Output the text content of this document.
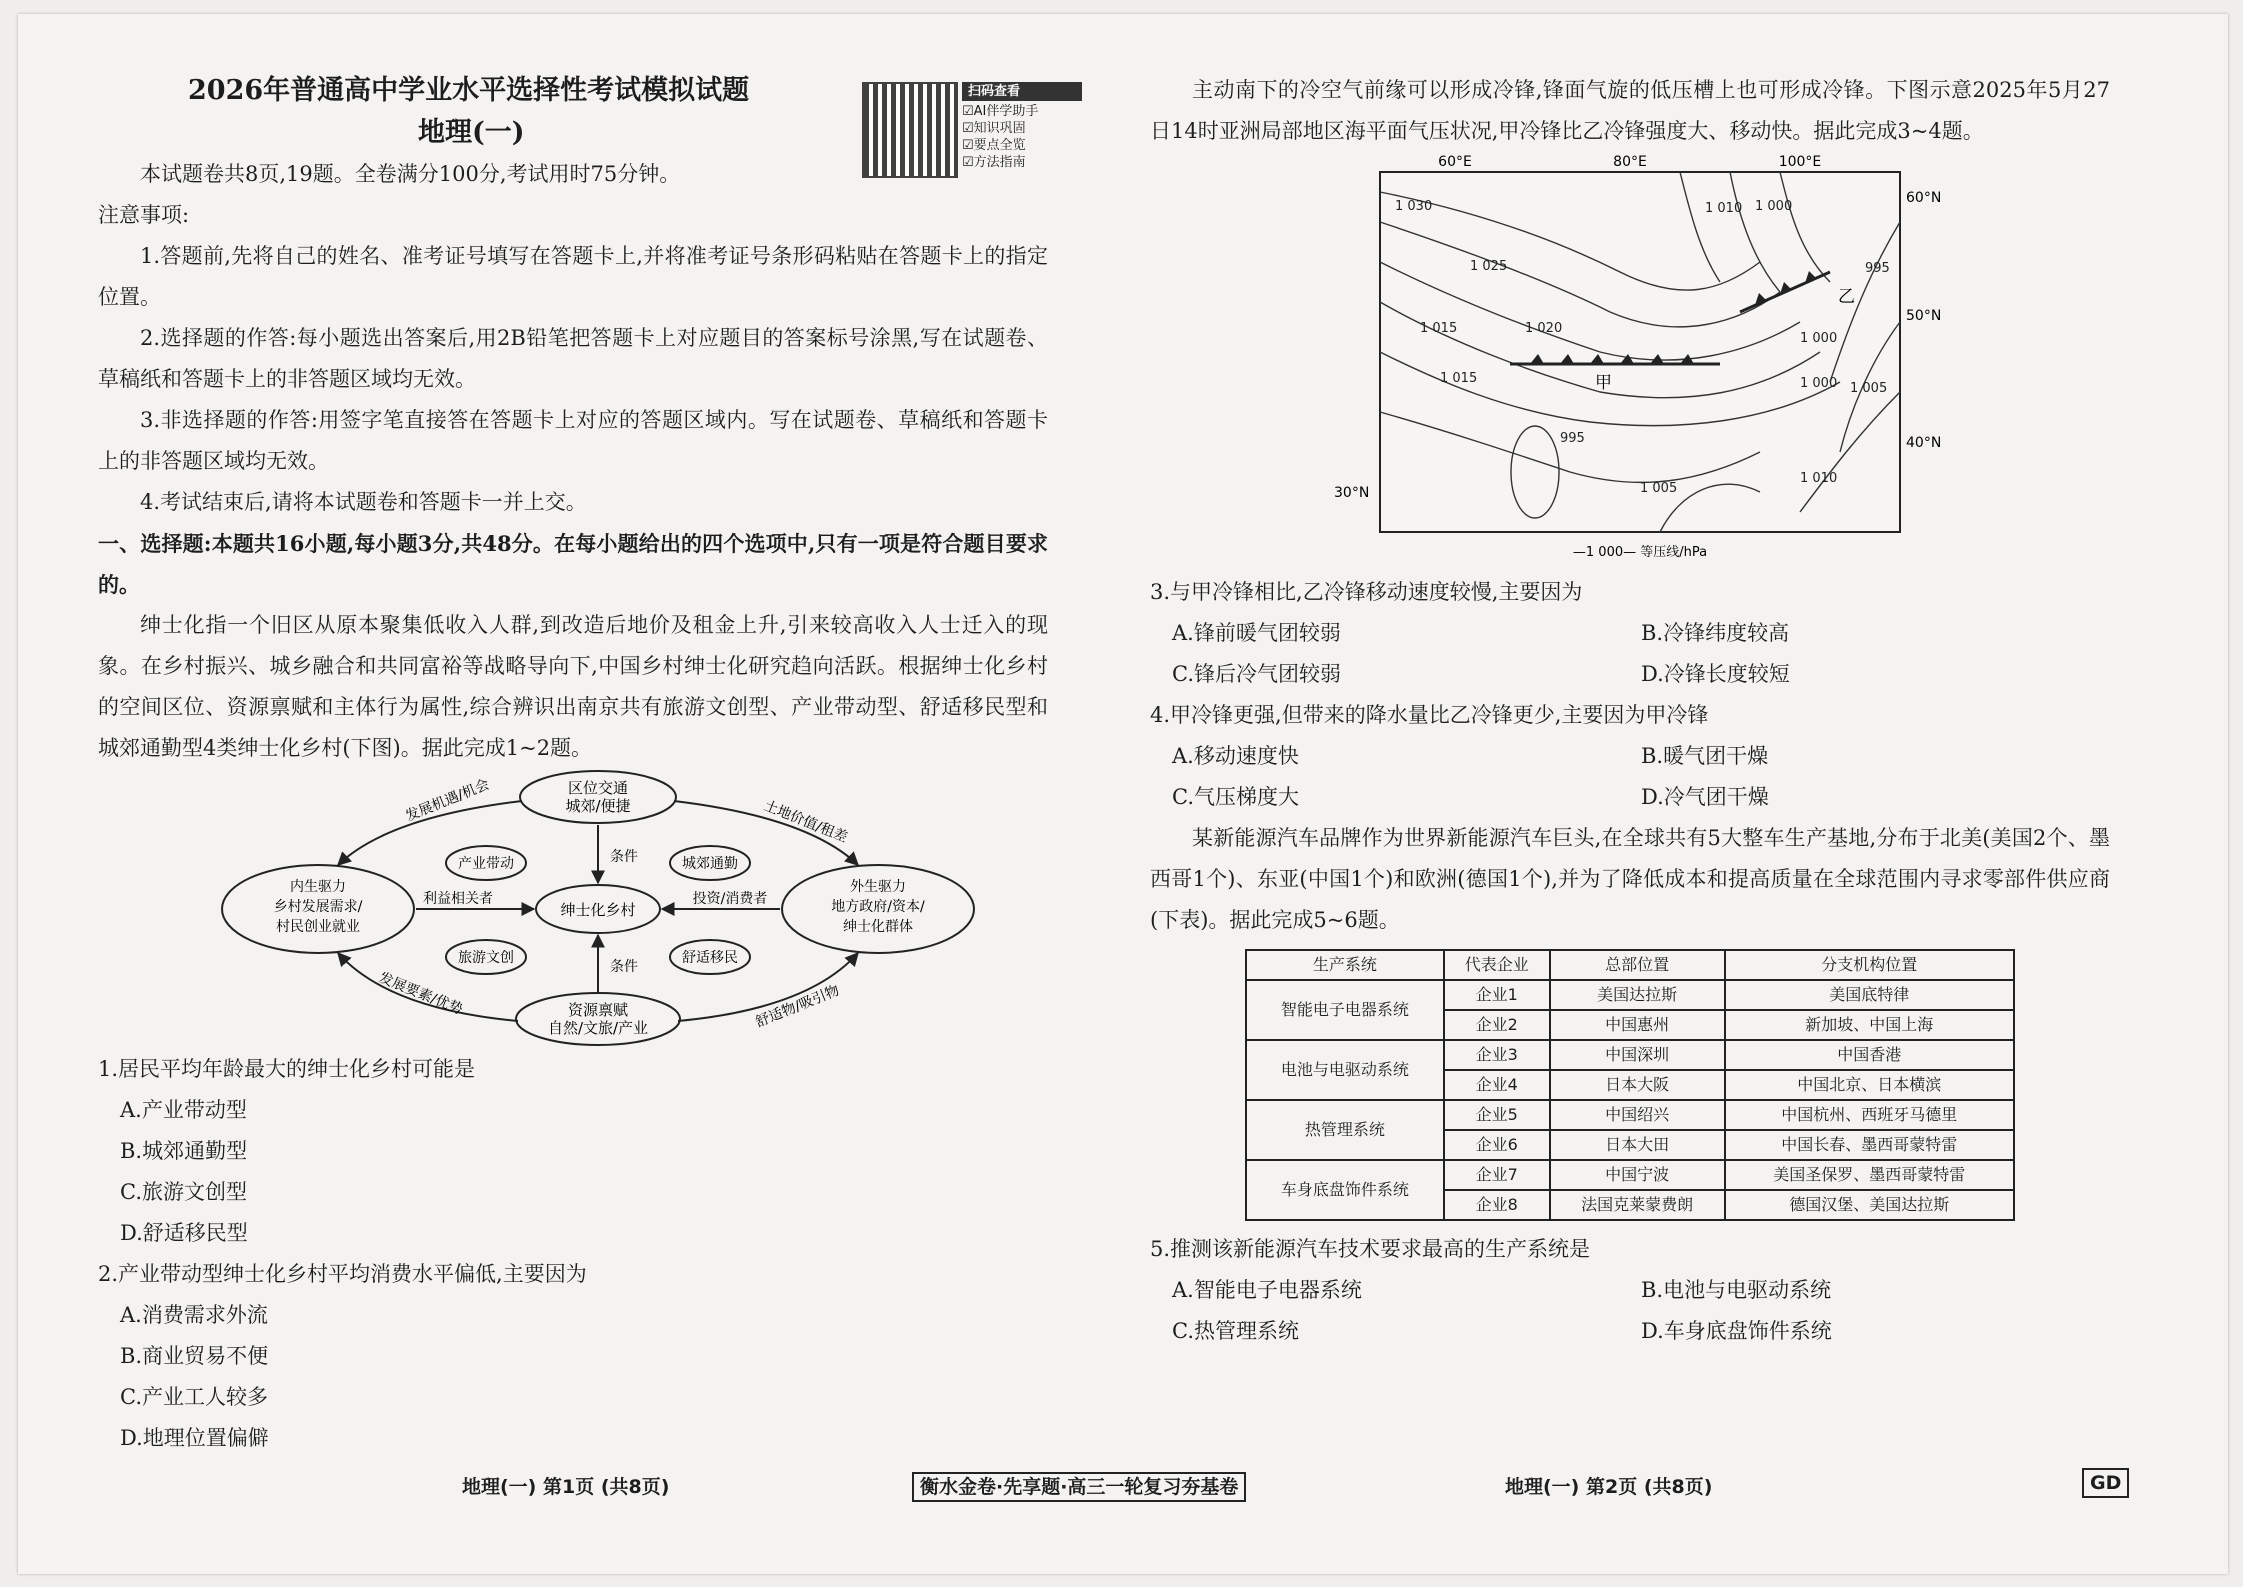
扫码查看
☑AI伴学助手
☑知识巩固
☑要点全览
☑方法指南
2026年普通高中学业水平选择性考试模拟试题
地理(一)

本试题卷共8页,19题。全卷满分100分,考试用时75分钟。

注意事项:

1.答题前,先将自己的姓名、准考证号填写在答题卡上,并将准考证号条形码粘贴在答题卡上的指定位置。

2.选择题的作答:每小题选出答案后,用2B铅笔把答题卡上对应题目的答案标号涂黑,写在试题卷、草稿纸和答题卡上的非答题区域均无效。

3.非选择题的作答:用签字笔直接答在答题卡上对应的答题区域内。写在试题卷、草稿纸和答题卡上的非答题区域均无效。

4.考试结束后,请将本试题卷和答题卡一并上交。

一、选择题:本题共16小题,每小题3分,共48分。在每小题给出的四个选项中,只有一项是符合题目要求的。

绅士化指一个旧区从原本聚集低收入人群,到改造后地价及租金上升,引来较高收入人士迁入的现象。在乡村振兴、城乡融合和共同富裕等战略导向下,中国乡村绅士化研究趋向活跃。根据绅士化乡村的空间区位、资源禀赋和主体行为属性,综合辨识出南京共有旅游文创型、产业带动型、舒适移民型和城郊通勤型4类绅士化乡村(下图)。据此完成1~2题。

区位交通
城郊/便捷
资源禀赋
自然/文旅/产业
内生驱力
乡村发展需求/
村民创业就业
外生驱力
地方政府/资本/
绅士化群体
绅士化乡村
产业带动	城郊通勤
旅游文创	舒适移民
条件
条件
利益相关者	投资/消费者
发展机遇/机会	土地价值/租差
发展要素/优势	舒适物/吸引物

1.居民平均年龄最大的绅士化乡村可能是

A.产业带动型
B.城郊通勤型
C.旅游文创型
D.舒适移民型

2.产业带动型绅士化乡村平均消费水平偏低,主要因为

A.消费需求外流
B.商业贸易不便
C.产业工人较多
D.地理位置偏僻

主动南下的冷空气前缘可以形成冷锋,锋面气旋的低压槽上也可形成冷锋。下图示意2025年5月27日14时亚洲局部地区海平面气压状况,甲冷锋比乙冷锋强度大、移动快。据此完成3~4题。

60°E	80°E	100°E
60°N
50°N
40°N
30°N
甲
乙
1 030
1 025
1 020
1 015
1 015
1 010
1 005
1 000
1 000
1 000
995
995
1 005
1 010
—1 000— 等压线/hPa

3.与甲冷锋相比,乙冷锋移动速度较慢,主要因为

A.锋前暖气团较弱	B.冷锋纬度较高
C.锋后冷气团较弱	D.冷锋长度较短

4.甲冷锋更强,但带来的降水量比乙冷锋更少,主要因为甲冷锋

A.移动速度快	B.暖气团干燥
C.气压梯度大	D.冷气团干燥

某新能源汽车品牌作为世界新能源汽车巨头,在全球共有5大整车生产基地,分布于北美(美国2个、墨西哥1个)、东亚(中国1个)和欧洲(德国1个),并为了降低成本和提高质量在全球范围内寻求零部件供应商(下表)。据此完成5~6题。

生产系统	代表企业	总部位置	分支机构位置
智能电子电器系统	企业1	美国达拉斯	美国底特律
	企业2	中国惠州	新加坡、中国上海
电池与电驱动系统	企业3	中国深圳	中国香港
	企业4	日本大阪	中国北京、日本横滨
热管理系统	企业5	中国绍兴	中国杭州、西班牙马德里
	企业6	日本大田	中国长春、墨西哥蒙特雷
车身底盘饰件系统	企业7	中国宁波	美国圣保罗、墨西哥蒙特雷
	企业8	法国克莱蒙费朗	德国汉堡、美国达拉斯

5.推测该新能源汽车技术要求最高的生产系统是

A.智能电子电器系统	B.电池与电驱动系统
C.热管理系统	D.车身底盘饰件系统
地理(一) 第1页 (共8页)	衡水金卷·先享题·高三一轮复习夯基卷	地理(一) 第2页 (共8页)	GD
